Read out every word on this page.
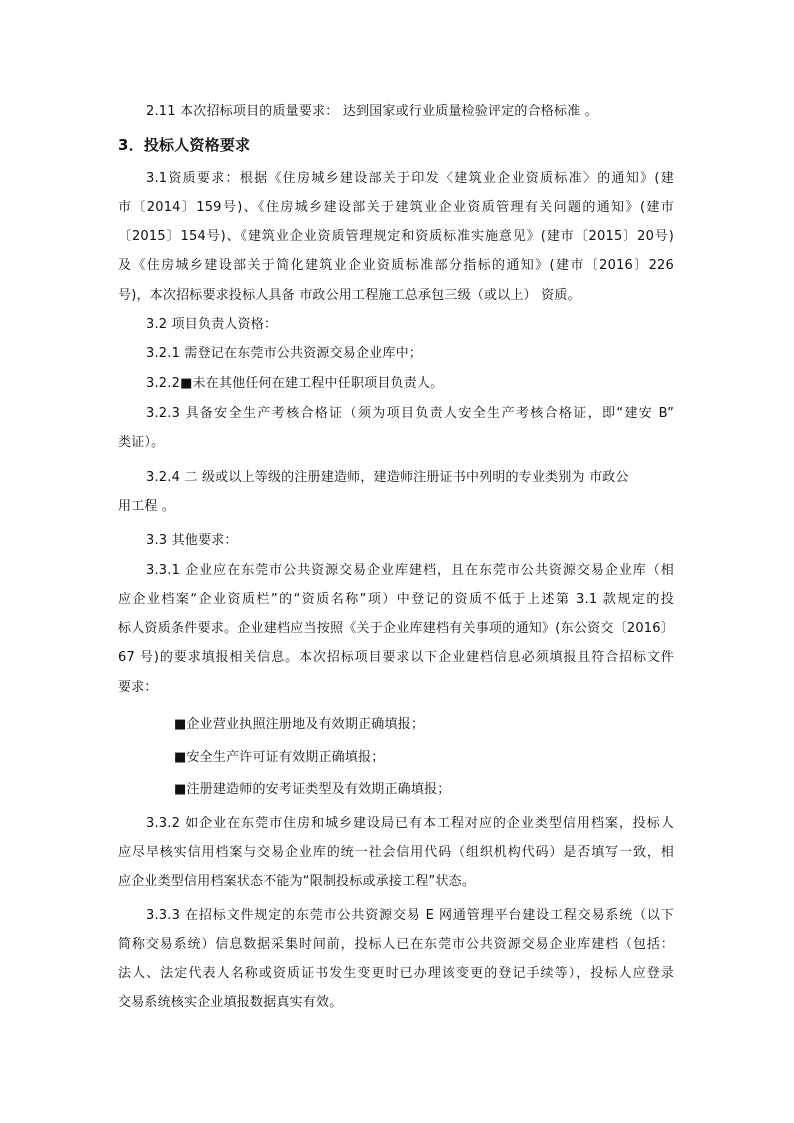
2.11 本次招标项目的质量要求： 达到国家或行业质量检验评定的合格标准 。
3．投标人资格要求
3.1资质要求：根据《住房城乡建设部关于印发〈建筑业企业资质标准〉的通知》(建
市〔2014〕159号)、《住房城乡建设部关于建筑业企业资质管理有关问题的通知》(建市
〔2015〕154号)、《建筑业企业资质管理规定和资质标准实施意见》(建市〔2015〕20号)
及《住房城乡建设部关于简化建筑业企业资质标准部分指标的通知》(建市〔2016〕226
号)，本次招标要求投标人具备 市政公用工程施工总承包三级（或以上） 资质。
3.2 项目负责人资格：
3.2.1 需登记在东莞市公共资源交易企业库中；
3.2.2■未在其他任何在建工程中任职项目负责人。
3.2.3 具备安全生产考核合格证（须为项目负责人安全生产考核合格证，即“建安 B”
类证）。
3.2.4 二 级或以上等级的注册建造师，建造师注册证书中列明的专业类别为 市政公
用工程 。
3.3 其他要求：
3.3.1 企业应在东莞市公共资源交易企业库建档，且在东莞市公共资源交易企业库（相
应企业档案“企业资质栏”的“资质名称”项）中登记的资质不低于上述第 3.1 款规定的投
标人资质条件要求。企业建档应当按照《关于企业库建档有关事项的通知》(东公资交〔2016〕
67 号)的要求填报相关信息。本次招标项目要求以下企业建档信息必须填报且符合招标文件
要求：
■企业营业执照注册地及有效期正确填报；
■安全生产许可证有效期正确填报；
■注册建造师的安考证类型及有效期正确填报；
3.3.2 如企业在东莞市住房和城乡建设局已有本工程对应的企业类型信用档案，投标人
应尽早核实信用档案与交易企业库的统一社会信用代码（组织机构代码）是否填写一致，相
应企业类型信用档案状态不能为“限制投标或承接工程”状态。
3.3.3 在招标文件规定的东莞市公共资源交易 E 网通管理平台建设工程交易系统（以下
简称交易系统）信息数据采集时间前，投标人已在东莞市公共资源交易企业库建档（包括：
法人、法定代表人名称或资质证书发生变更时已办理该变更的登记手续等），投标人应登录
交易系统核实企业填报数据真实有效。
